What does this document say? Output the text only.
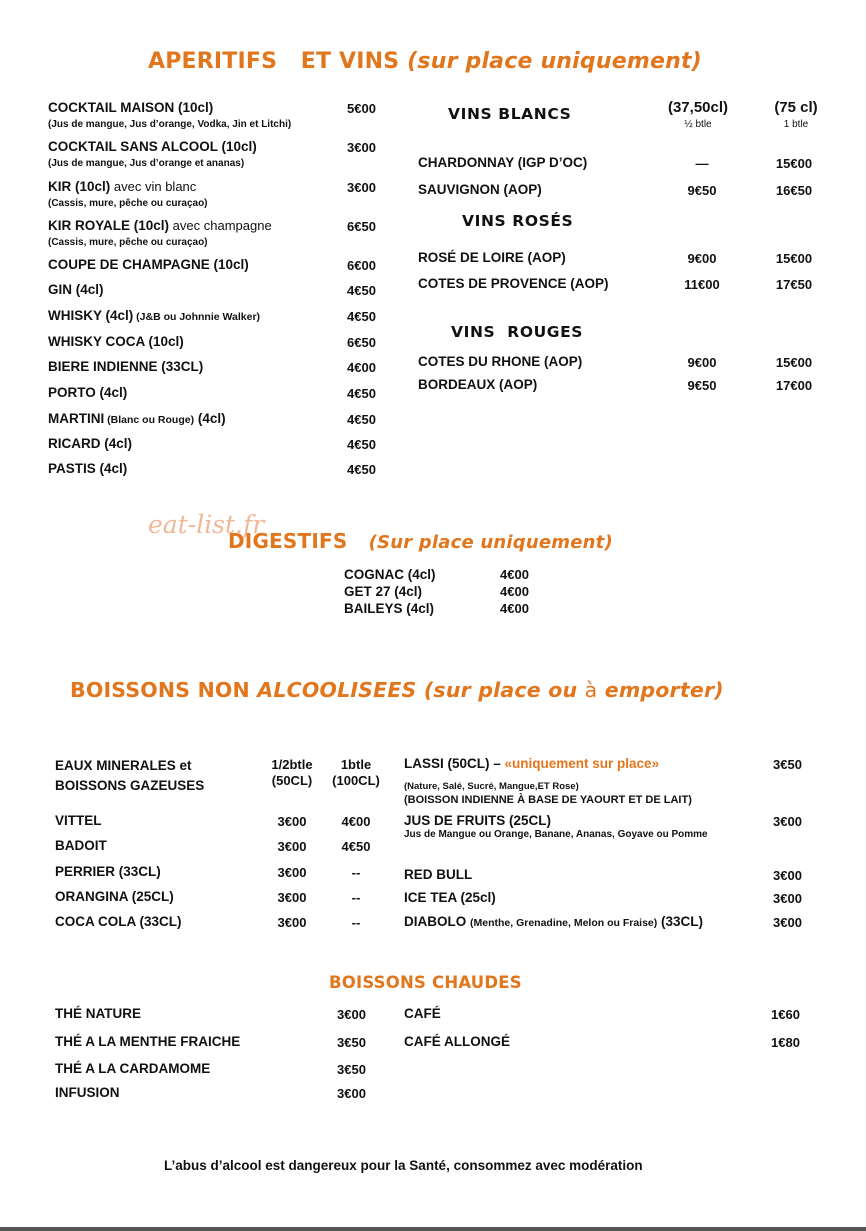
APERITIFS   ET VINS (sur place uniquement)
COCKTAIL MAISON (10cl)
(Jus de mangue, Jus d’orange, Vodka, Jin et Litchi)
5€00
COCKTAIL SANS ALCOOL (10cl)
(Jus de mangue, Jus d’orange et ananas)
3€00
KIR (10cl) avec vin blanc
(Cassis, mure, pêche ou curaçao)
3€00
KIR ROYALE (10cl) avec champagne
(Cassis, mure, pêche ou curaçao)
6€50
COUPE DE CHAMPAGNE (10cl)	6€00
GIN (4cl)	4€50
WHISKY (4cl) (J&B ou Johnnie Walker)	4€50
WHISKY COCA (10cl)	6€50
BIERE INDIENNE (33CL)	4€00
PORTO (4cl)	4€50
MARTINI (Blanc ou Rouge) (4cl)	4€50
RICARD (4cl)	4€50
PASTIS (4cl)	4€50
(37,50cl)
½ btle
(75 cl)
1 btle
VINS BLANCS
VINS ROSÉS
VINS  ROUGES
CHARDONNAY (IGP D’OC)	—	15€00
SAUVIGNON (AOP)	9€50	16€50
ROSÉ DE LOIRE (AOP)	9€00	15€00
COTES DE PROVENCE (AOP)	11€00	17€50
COTES DU RHONE (AOP)	9€00	15€00
BORDEAUX (AOP)	9€50	17€00
eat-list.fr
DIGESTIFS (Sur place uniquement)
COGNAC (4cl)	4€00
GET 27 (4cl)	4€00
BAILEYS (4cl)	4€00
BOISSONS NON ALCOOLISEES (sur place ou à emporter)
EAUX MINERALES et
BOISSONS GAZEUSES
1/2btle
(50CL)
1btle
(100CL)
VITTEL	3€00	4€00
BADOIT	3€00	4€50
PERRIER (33CL)	3€00	--
ORANGINA (25CL)	3€00	--
COCA COLA (33CL)	3€00	--
LASSI (50CL) – «uniquement sur place»	3€50
(Nature, Salé, Sucré, Mangue,ET Rose)
(BOISSON INDIENNE À BASE DE YAOURT ET DE LAIT)
JUS DE FRUITS (25CL)	3€00
Jus de Mangue ou Orange, Banane, Ananas, Goyave ou Pomme
RED BULL	3€00
ICE TEA (25cl)	3€00
DIABOLO (Menthe, Grenadine, Melon ou Fraise) (33CL)	3€00
BOISSONS CHAUDES
THÉ NATURE	3€00
THÉ A LA MENTHE FRAICHE	3€50
THÉ A LA CARDAMOME	3€50
INFUSION	3€00
CAFÉ	1€60
CAFÉ ALLONGÉ	1€80
L’abus d’alcool est dangereux pour la Santé, consommez avec modération
